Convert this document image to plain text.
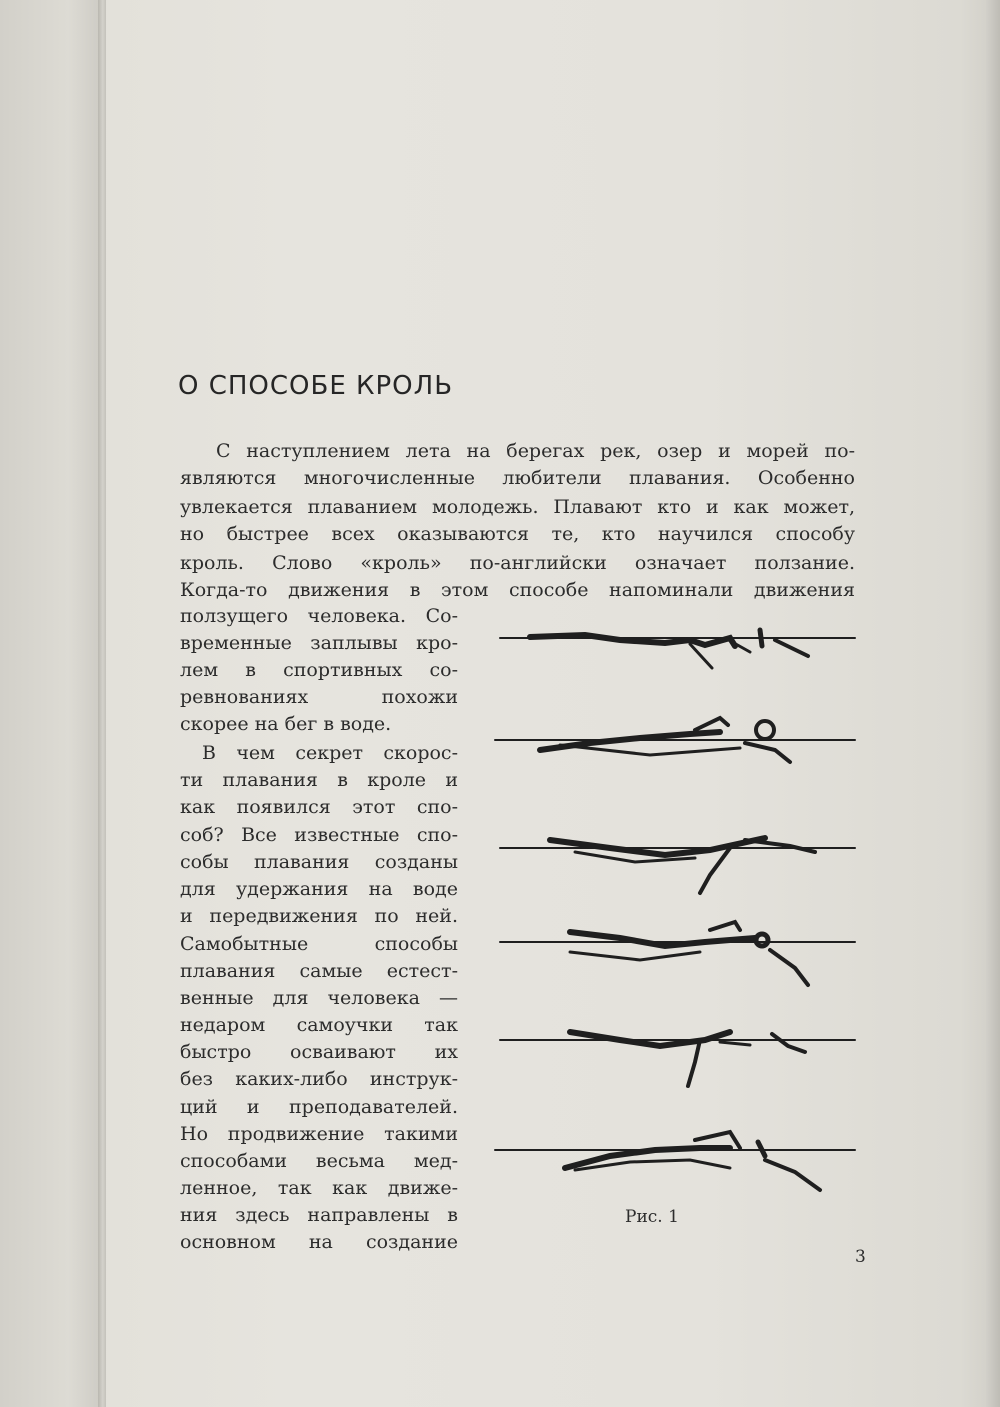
О СПОСОБЕ КРОЛЬ
С наступлением лета на берегах рек, озер и морей по-
являются многочисленные любители плавания. Особенно
увлекается плаванием молодежь. Плавают кто и как может,
но быстрее всех оказываются те, кто научился способу
кроль. Слово «кроль» по-английски означает ползание.
Когда-то движения в этом способе напоминали движения
ползущего человека. Со-
временные заплывы кро-
лем в спортивных со-
ревнованиях похожи
скорее на бег в воде.
В чем секрет скорос-
ти плавания в кроле и
как появился этот спо-
соб? Все известные спо-
собы плавания созданы
для удержания на воде
и передвижения по ней.
Самобытные способы
плавания самые естест-
венные для человека —
недаром самоучки так
быстро осваивают их
без каких-либо инструк-
ций и преподавателей.
Но продвижение такими
способами весьма мед-
ленное, так как движе-
ния здесь направлены в
основном на создание
Рис. 1
3
